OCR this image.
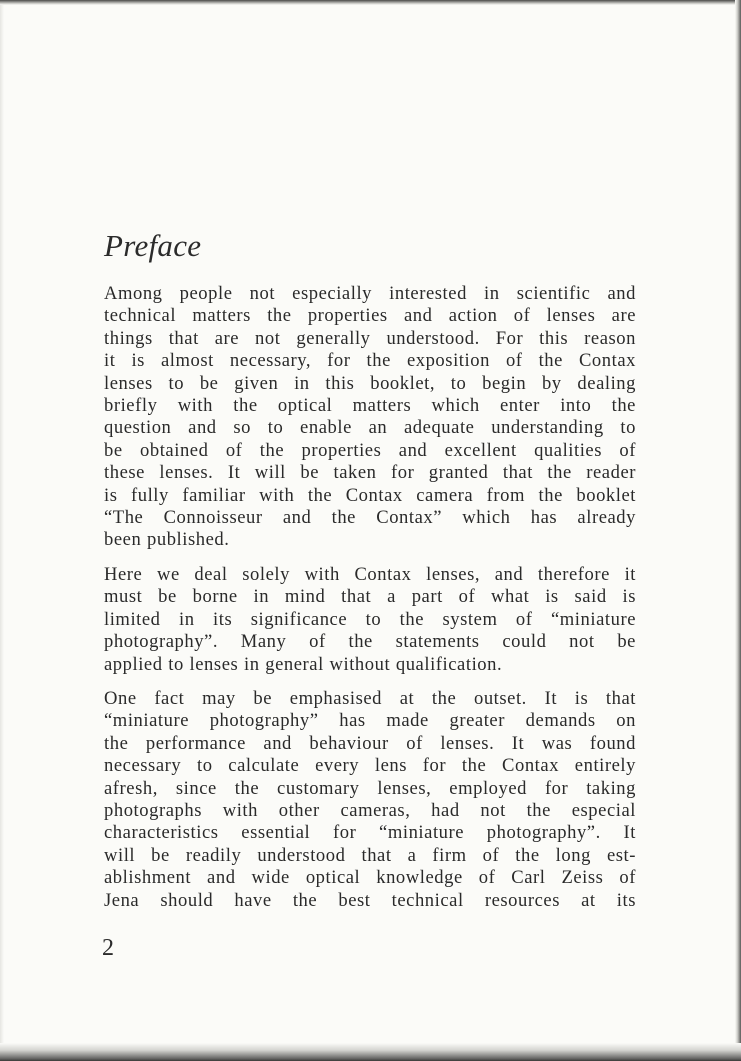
Preface

Among people not especially interested in scientific and
technical matters the properties and action of lenses are
things that are not generally understood. For this reason
it is almost necessary, for the exposition of the Contax
lenses to be given in this booklet, to begin by dealing
briefly with the optical matters which enter into the
question and so to enable an adequate understanding to
be obtained of the properties and excellent qualities of
these lenses. It will be taken for granted that the reader
is fully familiar with the Contax camera from the booklet
“The Connoisseur and the Contax” which has already
been published.

Here we deal solely with Contax lenses, and therefore it
must be borne in mind that a part of what is said is
limited in its significance to the system of “miniature
photography”. Many of the statements could not be
applied to lenses in general without qualification.

One fact may be emphasised at the outset. It is that
“miniature photography” has made greater demands on
the performance and behaviour of lenses. It was found
necessary to calculate every lens for the Contax entirely
afresh, since the customary lenses, employed for taking
photographs with other cameras, had not the especial
characteristics essential for “miniature photography”. It
will be readily understood that a firm of the long est-
ablishment and wide optical knowledge of Carl Zeiss of
Jena should have the best technical resources at its

2
